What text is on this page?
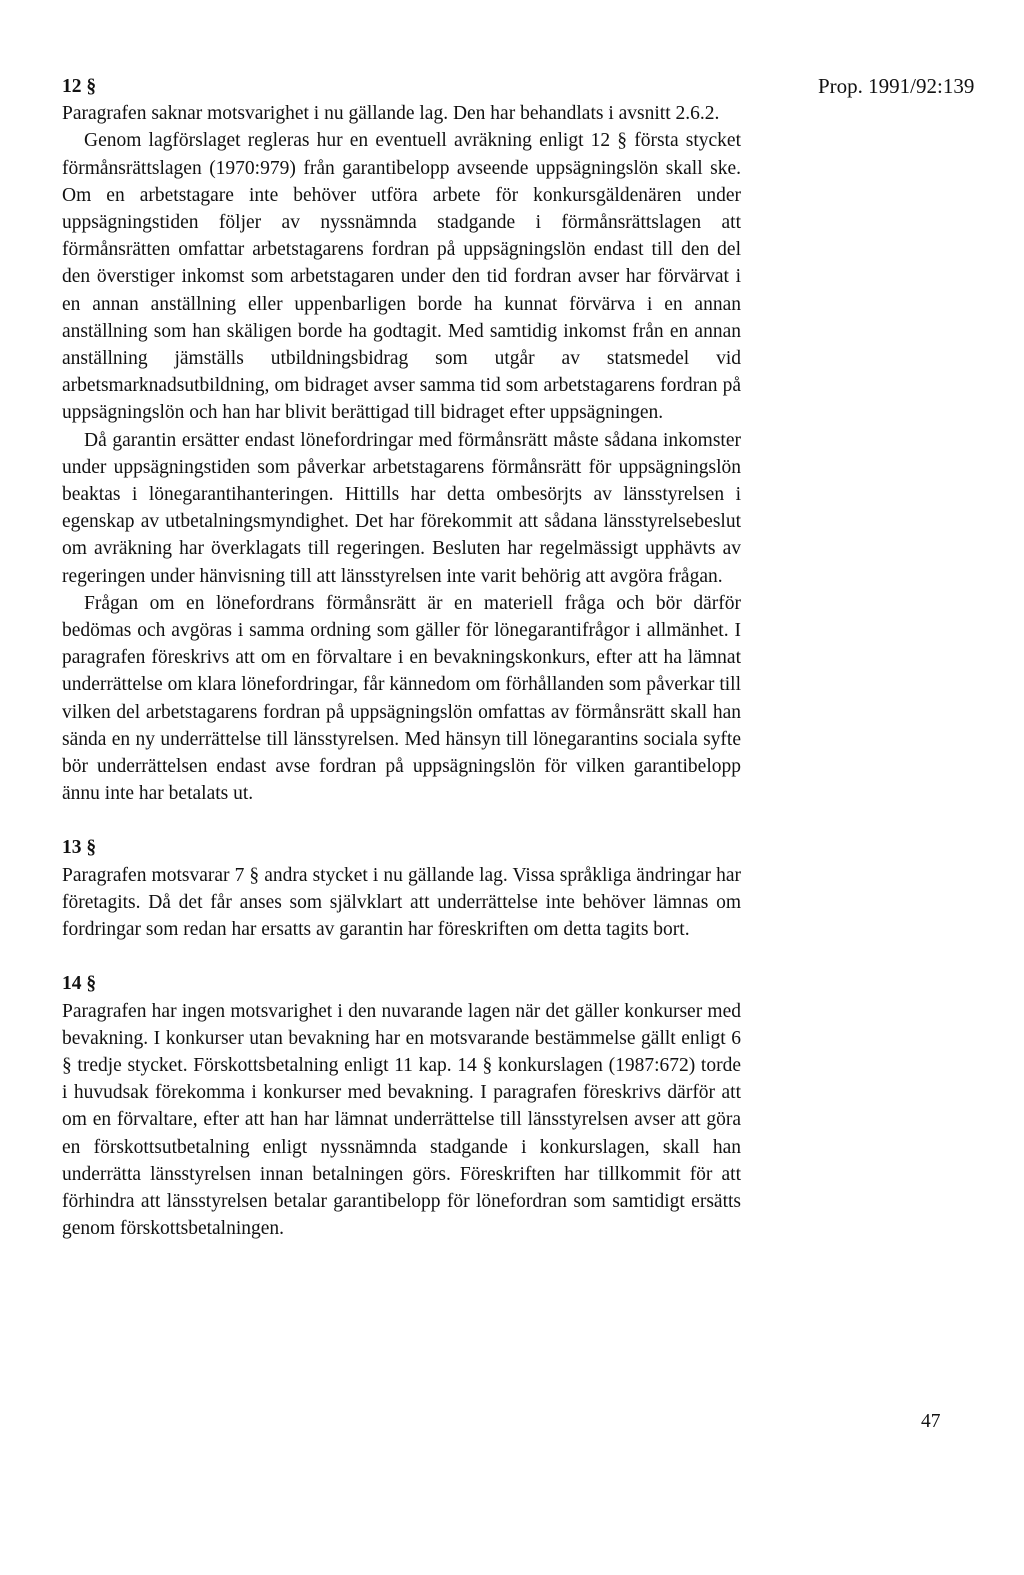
Prop. 1991/92:139

12 §

Paragrafen saknar motsvarighet i nu gällande lag. Den har behandlats i avsnitt 2.6.2.

Genom lagförslaget regleras hur en eventuell avräkning enligt 12 § första stycket förmånsrättslagen (1970:979) från garantibelopp avseende uppsägningslön skall ske. Om en arbetstagare inte behöver utföra arbete för konkursgäldenären under uppsägningstiden följer av nyssnämnda stadgande i förmånsrättslagen att förmånsrätten omfattar arbetstagarens fordran på uppsägningslön endast till den del den överstiger inkomst som arbetstagaren under den tid fordran avser har förvärvat i en annan anställning eller uppenbarligen borde ha kunnat förvärva i en annan anställning som han skäligen borde ha godtagit. Med samtidig inkomst från en annan anställning jämställs utbildningsbidrag som utgår av statsmedel vid arbetsmarknadsutbildning, om bidraget avser samma tid som arbetstagarens fordran på uppsägningslön och han har blivit berättigad till bidraget efter uppsägningen.

Då garantin ersätter endast lönefordringar med förmånsrätt måste sådana inkomster under uppsägningstiden som påverkar arbetstagarens förmånsrätt för uppsägningslön beaktas i lönegarantihanteringen. Hittills har detta ombesörjts av länsstyrelsen i egenskap av utbetalningsmyndighet. Det har förekommit att sådana länsstyrelsebeslut om avräkning har överklagats till regeringen. Besluten har regelmässigt upphävts av regeringen under hänvisning till att länsstyrelsen inte varit behörig att avgöra frågan.

Frågan om en lönefordrans förmånsrätt är en materiell fråga och bör därför bedömas och avgöras i samma ordning som gäller för lönegarantifrågor i allmänhet. I paragrafen föreskrivs att om en förvaltare i en bevakningskonkurs, efter att ha lämnat underrättelse om klara lönefordringar, får kännedom om förhållanden som påverkar till vilken del arbetstagarens fordran på uppsägningslön omfattas av förmånsrätt skall han sända en ny underrättelse till länsstyrelsen. Med hänsyn till lönegarantins sociala syfte bör underrättelsen endast avse fordran på uppsägningslön för vilken garantibelopp ännu inte har betalats ut.

13 §

Paragrafen motsvarar 7 § andra stycket i nu gällande lag. Vissa språkliga ändringar har företagits. Då det får anses som självklart att underrättelse inte behöver lämnas om fordringar som redan har ersatts av garantin har föreskriften om detta tagits bort.

14 §

Paragrafen har ingen motsvarighet i den nuvarande lagen när det gäller konkurser med bevakning. I konkurser utan bevakning har en motsvarande bestämmelse gällt enligt 6 § tredje stycket. Förskottsbetalning enligt 11 kap. 14 § konkurslagen (1987:672) torde i huvudsak förekomma i konkurser med bevakning. I paragrafen föreskrivs därför att om en förvaltare, efter att han har lämnat underrättelse till länsstyrelsen avser att göra en förskottsutbetalning enligt nyssnämnda stadgande i konkurslagen, skall han underrätta länsstyrelsen innan betalningen görs. Föreskriften har tillkommit för att förhindra att länsstyrelsen betalar garantibelopp för lönefordran som samtidigt ersätts genom förskottsbetalningen.

47
